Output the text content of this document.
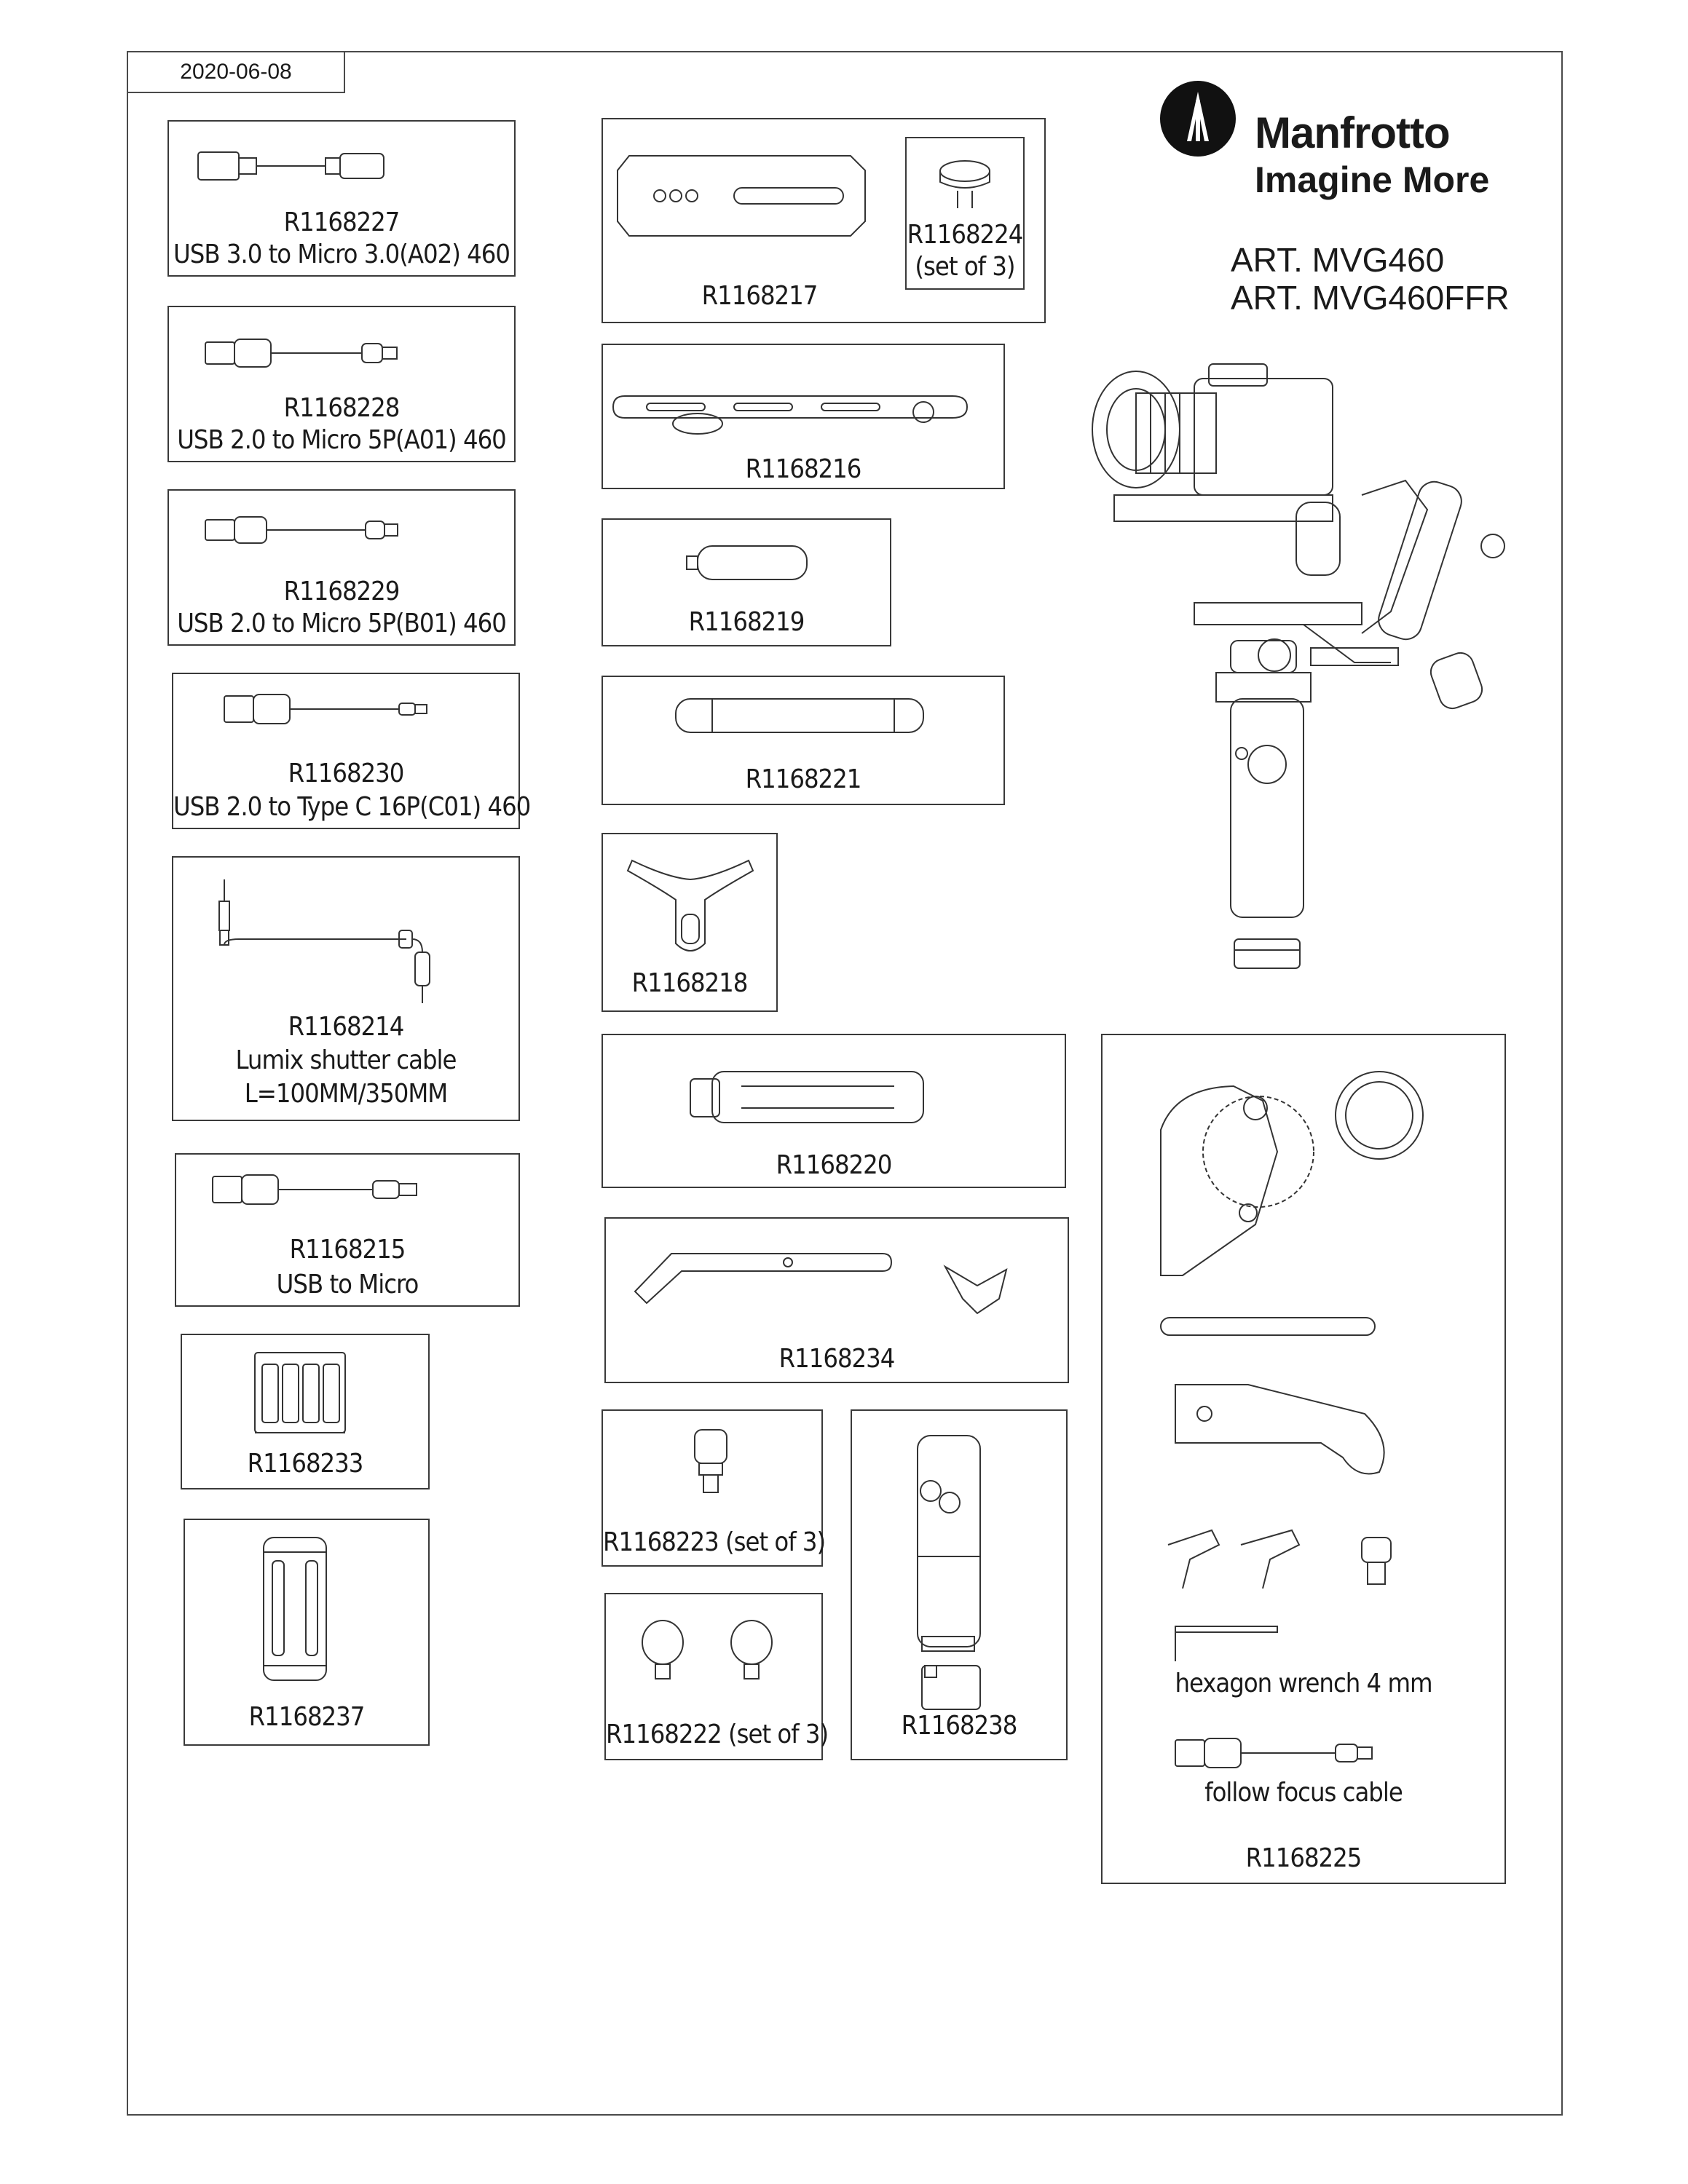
2020-06-08
Manfrotto
Imagine More
ART. MVG460
ART. MVG460FFR
R1168227
USB 3.0 to Micro 3.0(A02) 460
R1168228
USB 2.0 to Micro 5P(A01) 460
R1168229
USB 2.0 to Micro 5P(B01) 460
R1168230
USB 2.0 to Type C 16P(C01) 460
R1168214
Lumix shutter cable
L=100MM/350MM
R1168215
USB to Micro
R1168233
R1168237
R1168217
R1168224
(set of 3)
R1168216
R1168219
R1168221
R1168218
R1168220
R1168234
R1168223 (set of 3)
R1168222 (set of 3)	R1168238
hexagon wrench 4 mm
follow focus cable
R1168225
